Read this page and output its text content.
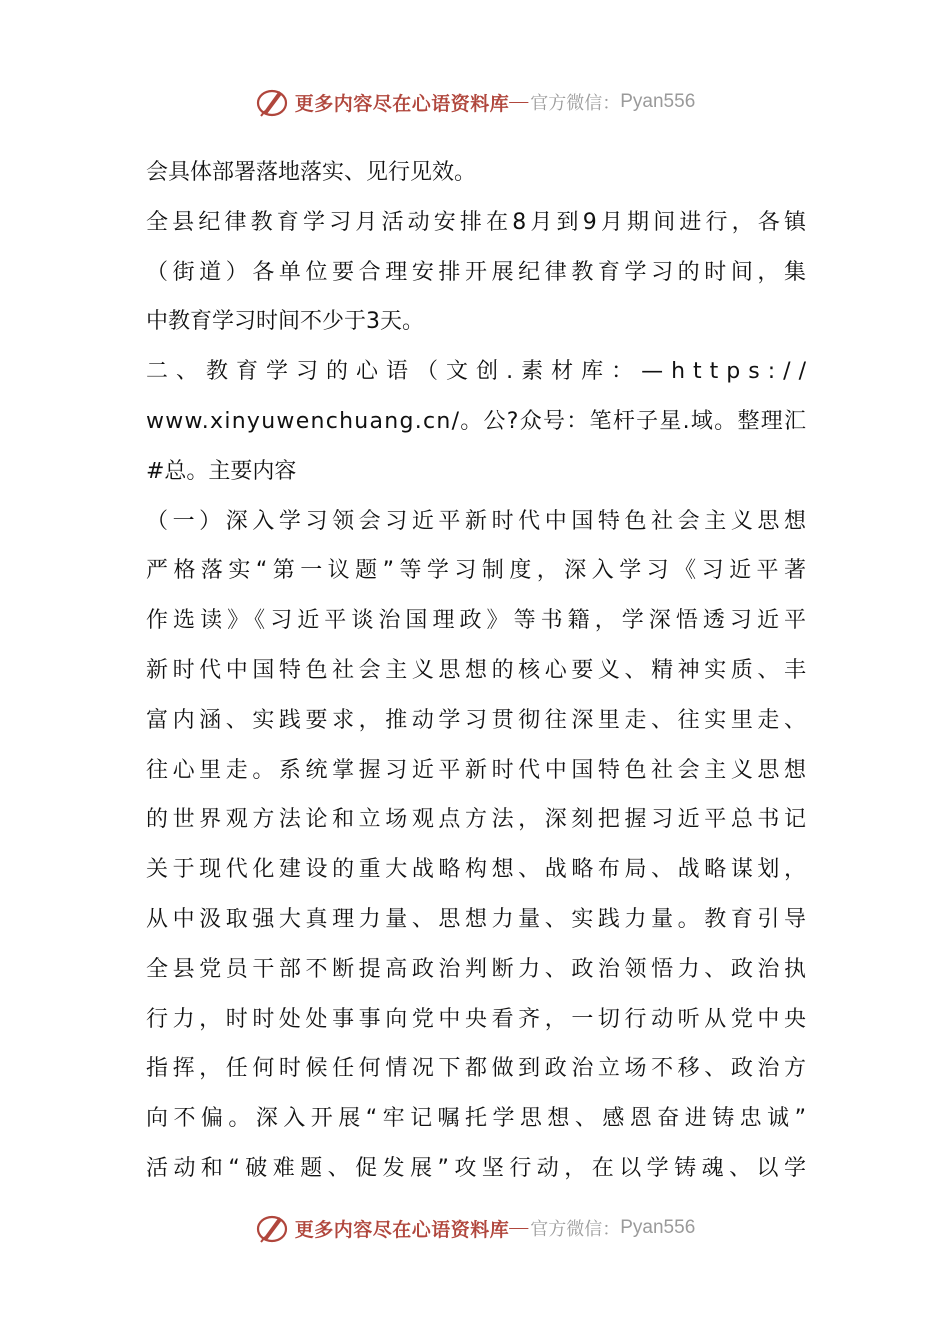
更多内容尽在心语资料库 — 官方微信： Pyan556
会具体部署落地落实、见行见效。
全县纪律教育学习月活动安排在8月到9月期间进行，各镇
（街道）各单位要合理安排开展纪律教育学习的时间，集
中教育学习时间不少于3天。
二、教育学习的心语（文创.素材库：—https://
www.xinyuwenchuang.cn/。公?众号：笔杆子星.域。整理汇
#总。主要内容
（一）深入学习领会习近平新时代中国特色社会主义思想
严格落实“第一议题”等学习制度，深入学习《习近平著
作选读》《习近平谈治国理政》等书籍，学深悟透习近平
新时代中国特色社会主义思想的核心要义、精神实质、丰
富内涵、实践要求，推动学习贯彻往深里走、往实里走、
往心里走。系统掌握习近平新时代中国特色社会主义思想
的世界观方法论和立场观点方法，深刻把握习近平总书记
关于现代化建设的重大战略构想、战略布局、战略谋划，
从中汲取强大真理力量、思想力量、实践力量。教育引导
全县党员干部不断提高政治判断力、政治领悟力、政治执
行力，时时处处事事向党中央看齐，一切行动听从党中央
指挥，任何时候任何情况下都做到政治立场不移、政治方
向不偏。深入开展“牢记嘱托学思想、感恩奋进铸忠诚”
活动和“破难题、促发展”攻坚行动，在以学铸魂、以学
更多内容尽在心语资料库 — 官方微信： Pyan556
